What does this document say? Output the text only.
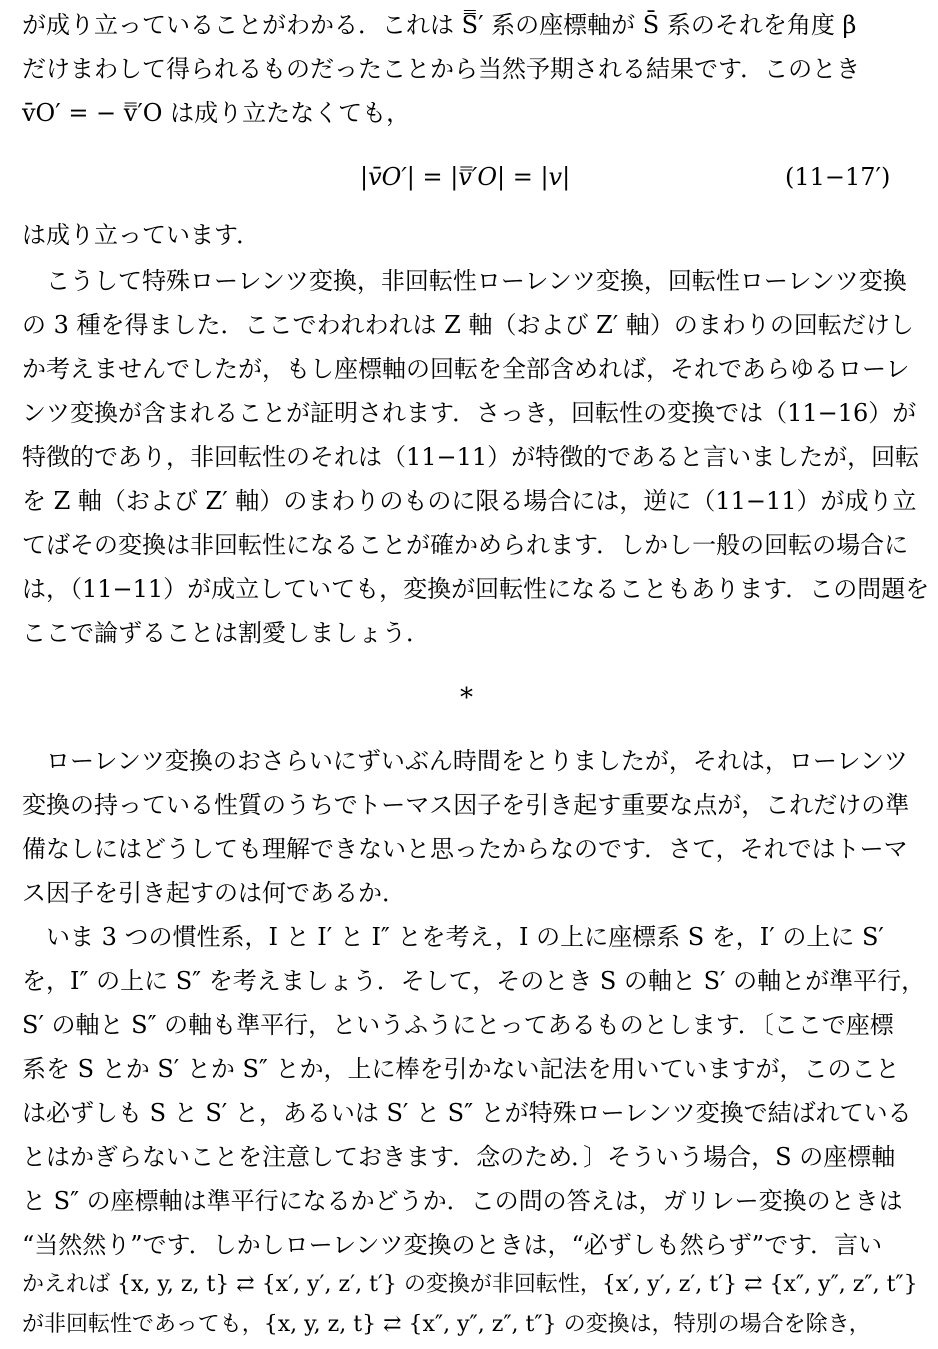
が成り立っていることがわかる．これは S̿′ 系の座標軸が S̄ 系のそれを角度 β
だけまわして得られるものだったことから当然予期される結果です．このとき
v̄O′ = − v̿′O は成り立たなくても，
|v̄O′| = |v̿′O| = |v|	(11−17′)
は成り立っています．
こうして特殊ローレンツ変換，非回転性ローレンツ変換，回転性ローレンツ変換
の 3 種を得ました．ここでわれわれは Z 軸（および Z′ 軸）のまわりの回転だけし
か考えませんでしたが，もし座標軸の回転を全部含めれば，それであらゆるローレ
ンツ変換が含まれることが証明されます．さっき，回転性の変換では（11−16）が
特徴的であり，非回転性のそれは（11−11）が特徴的であると言いましたが，回転
を Z 軸（および Z′ 軸）のまわりのものに限る場合には，逆に（11−11）が成り立
てばその変換は非回転性になることが確かめられます．しかし一般の回転の場合に
は，（11−11）が成立していても，変換が回転性になることもあります．この問題を
ここで論ずることは割愛しましょう．
*
ローレンツ変換のおさらいにずいぶん時間をとりましたが，それは，ローレンツ
変換の持っている性質のうちでトーマス因子を引き起す重要な点が，これだけの準
備なしにはどうしても理解できないと思ったからなのです．さて，それではトーマ
ス因子を引き起すのは何であるか．
いま 3 つの慣性系，I と I′ と I″ とを考え，I の上に座標系 S を，I′ の上に S′
を，I″ の上に S″ を考えましょう．そして，そのとき S の軸と S′ の軸とが準平行，
S′ の軸と S″ の軸も準平行，というふうにとってあるものとします．〔ここで座標
系を S とか S′ とか S″ とか，上に棒を引かない記法を用いていますが，このこと
は必ずしも S と S′ と，あるいは S′ と S″ とが特殊ローレンツ変換で結ばれている
とはかぎらないことを注意しておきます．念のため．〕そういう場合，S の座標軸
と S″ の座標軸は準平行になるかどうか．この問の答えは，ガリレー変換のときは
“当然然り”です．しかしローレンツ変換のときは，“必ずしも然らず”です．言い
かえれば {x, y, z, t} ⇄ {x′, y′, z′, t′} の変換が非回転性，{x′, y′, z′, t′} ⇄ {x″, y″, z″, t″}
が非回転性であっても，{x, y, z, t} ⇄ {x″, y″, z″, t″} の変換は，特別の場合を除き，
